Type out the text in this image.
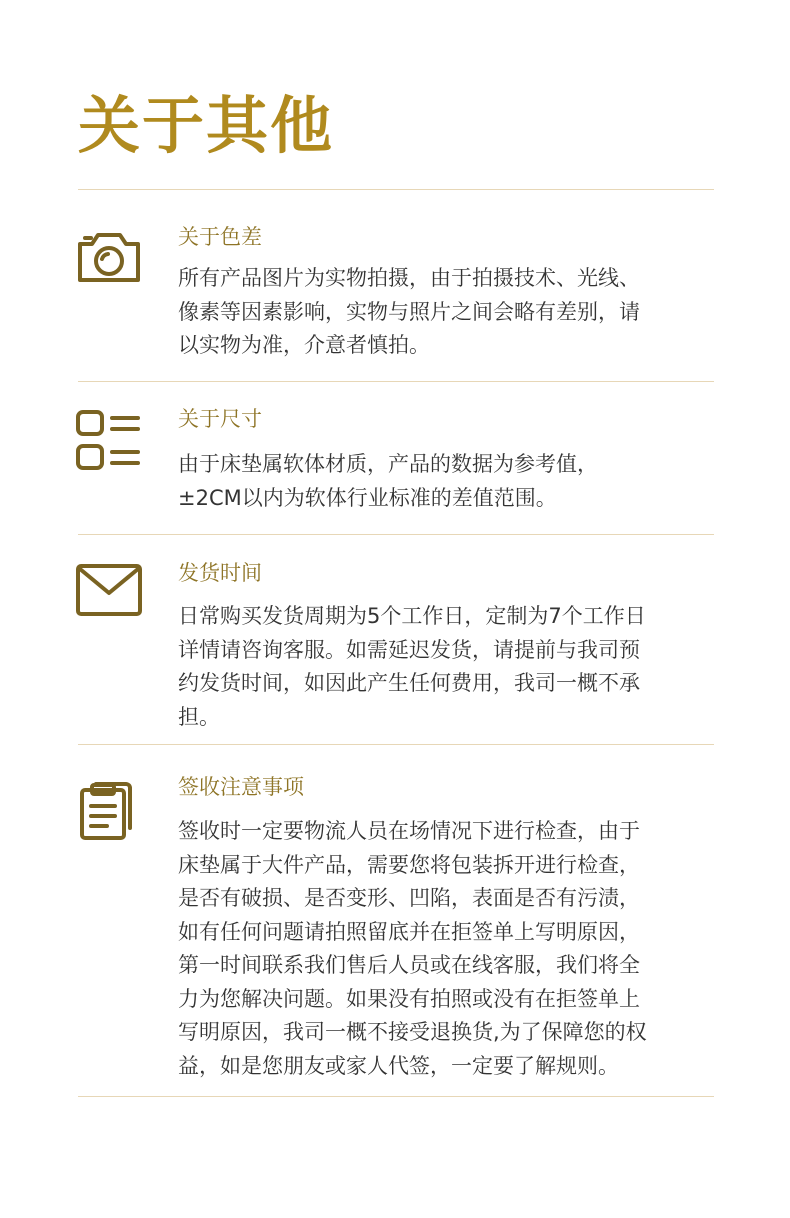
关于其他
关于色差

所有产品图片为实物拍摄，由于拍摄技术、光线、
像素等因素影响，实物与照片之间会略有差别，请
以实物为准，介意者慎拍。

关于尺寸

由于床垫属软体材质，产品的数据为参考值，
±2CM以内为软体行业标准的差值范围。

发货时间

日常购买发货周期为5个工作日，定制为7个工作日
详情请咨询客服。如需延迟发货，请提前与我司预
约发货时间，如因此产生任何费用，我司一概不承
担。

签收注意事项

签收时一定要物流人员在场情况下进行检查，由于
床垫属于大件产品，需要您将包装拆开进行检查，
是否有破损、是否变形、凹陷，表面是否有污渍，
如有任何问题请拍照留底并在拒签单上写明原因，
第一时间联系我们售后人员或在线客服，我们将全
力为您解决问题。如果没有拍照或没有在拒签单上
写明原因，我司一概不接受退换货,为了保障您的权
益，如是您朋友或家人代签，一定要了解规则。
